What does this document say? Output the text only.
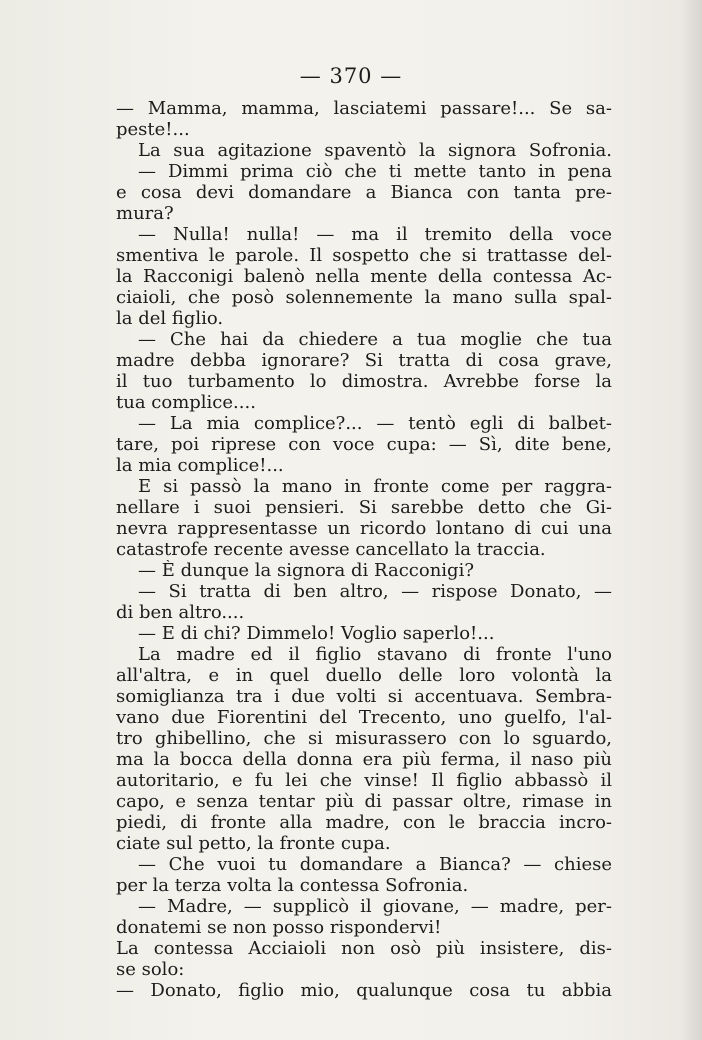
— 370 —
— Mamma, mamma, lasciatemi passare!... Se sa-
peste!...
La sua agitazione spaventò la signora Sofronia.
— Dimmi prima ciò che ti mette tanto in pena
e cosa devi domandare a Bianca con tanta pre-
mura?
— Nulla! nulla! — ma il tremito della voce
smentiva le parole. Il sospetto che si trattasse del-
la Racconigi balenò nella mente della contessa Ac-
ciaioli, che posò solennemente la mano sulla spal-
la del figlio.
— Che hai da chiedere a tua moglie che tua
madre debba ignorare? Si tratta di cosa grave,
il tuo turbamento lo dimostra. Avrebbe forse la
tua complice....
— La mia complice?... — tentò egli di balbet-
tare, poi riprese con voce cupa: — Sì, dite bene,
la mia complice!...
E si passò la mano in fronte come per raggra-
nellare i suoi pensieri. Si sarebbe detto che Gi-
nevra rappresentasse un ricordo lontano di cui una
catastrofe recente avesse cancellato la traccia.
— È dunque la signora di Racconigi?
— Si tratta di ben altro, — rispose Donato, —
di ben altro....
— E di chi? Dimmelo! Voglio saperlo!...
La madre ed il figlio stavano di fronte l'uno
all'altra, e in quel duello delle loro volontà la
somiglianza tra i due volti si accentuava. Sembra-
vano due Fiorentini del Trecento, uno guelfo, l'al-
tro ghibellino, che si misurassero con lo sguardo,
ma la bocca della donna era più ferma, il naso più
autoritario, e fu lei che vinse! Il figlio abbassò il
capo, e senza tentar più di passar oltre, rimase in
piedi, di fronte alla madre, con le braccia incro-
ciate sul petto, la fronte cupa.
— Che vuoi tu domandare a Bianca? — chiese
per la terza volta la contessa Sofronia.
— Madre, — supplicò il giovane, — madre, per-
donatemi se non posso rispondervi!
La contessa Acciaioli non osò più insistere, dis-
se solo:
— Donato, figlio mio, qualunque cosa tu abbia
